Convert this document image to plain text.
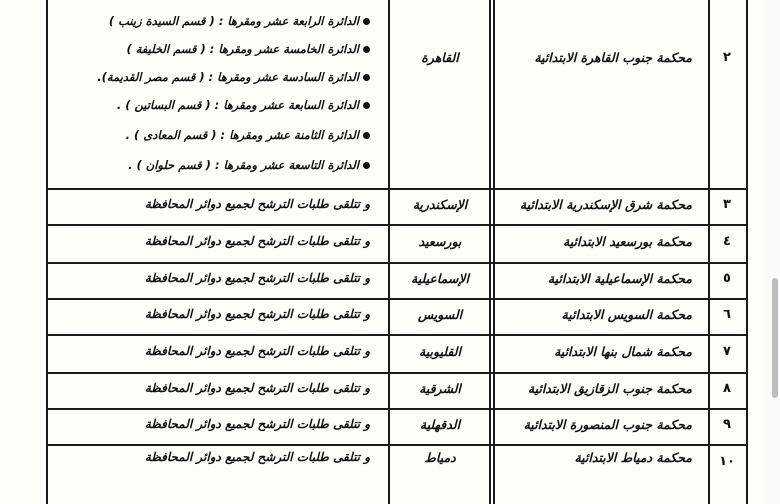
٢
محكمة جنوب القاهرة الابتدائية
القاهرة
الدائرة الرابعة عشر ومقرها : ( قسم السيدة زينب )
الدائرة الخامسة عشر ومقرها : ( قسم الخليفة )
الدائرة السادسة عشر ومقرها : ( قسم مصر القديمة).
الدائرة السابعة عشر ومقرها : ( قسم البساتين ) .
الدائرة الثامنة عشر ومقرها : ( قسم المعادى ) .
الدائرة التاسعة عشر ومقرها : ( قسم حلوان ) .
٣
محكمة شرق الإسكندرية الابتدائية
الإسكندرية
و تتلقى طلبات الترشح لجميع دوائر المحافظة
٤
محكمة بورسعيد الابتدائية
بورسعيد
و تتلقى طلبات الترشح لجميع دوائر المحافظة
٥
محكمة الإسماعيلية الابتدائية
الإسماعيلية
و تتلقى طلبات الترشح لجميع دوائر المحافظة
٦
محكمة السويس الابتدائية
السويس
و تتلقى طلبات الترشح لجميع دوائر المحافظة
٧
محكمة شمال بنها الابتدائية
القليوبية
و تتلقى طلبات الترشح لجميع دوائر المحافظة
٨
محكمة جنوب الزقازيق الابتدائية
الشرقية
و تتلقى طلبات الترشح لجميع دوائر المحافظة
٩
محكمة جنوب المنصورة الابتدائية
الدقهلية
و تتلقى طلبات الترشح لجميع دوائر المحافظة
١٠
محكمة دمياط الابتدائية
دمياط
و تتلقى طلبات الترشح لجميع دوائر المحافظة
